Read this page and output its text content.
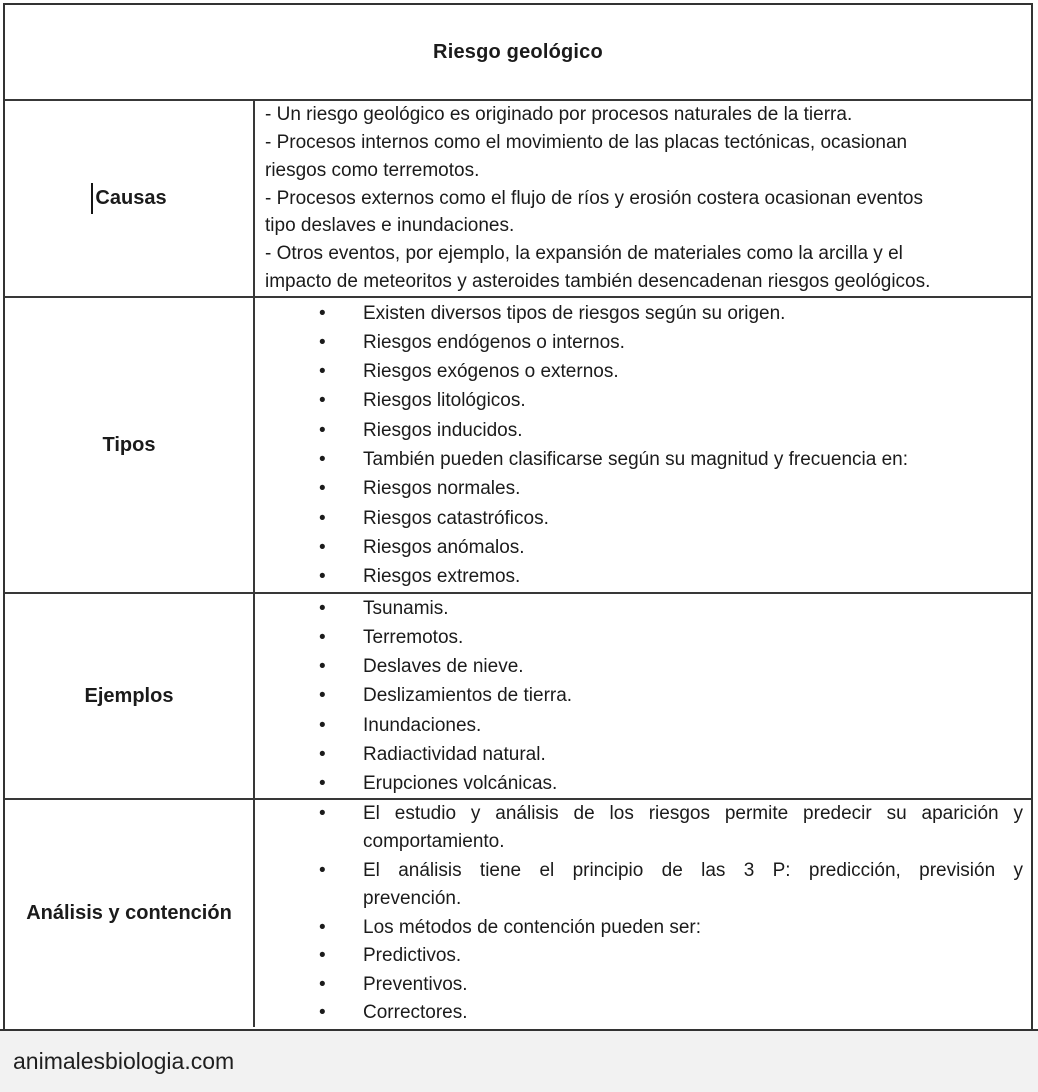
Riesgo geológico
Causas
- Un riesgo geológico es originado por procesos naturales de la tierra.
- Procesos internos como el movimiento de las placas tectónicas, ocasionan
riesgos como terremotos.
- Procesos externos como el flujo de ríos y erosión costera ocasionan eventos
tipo deslaves e inundaciones.
- Otros eventos, por ejemplo, la expansión de materiales como la arcilla y el
impacto de meteoritos y asteroides también desencadenan riesgos geológicos.
Tipos
• Existen diversos tipos de riesgos según su origen.
• Riesgos endógenos o internos.
• Riesgos exógenos o externos.
• Riesgos litológicos.
• Riesgos inducidos.
• También pueden clasificarse según su magnitud y frecuencia en:
• Riesgos normales.
• Riesgos catastróficos.
• Riesgos anómalos.
• Riesgos extremos.
Ejemplos
• Tsunamis.
• Terremotos.
• Deslaves de nieve.
• Deslizamientos de tierra.
• Inundaciones.
• Radiactividad natural.
• Erupciones volcánicas.
Análisis y contención
• El estudio y análisis de los riesgos permite predecir su aparición y
comportamiento.
• El análisis tiene el principio de las 3 P: predicción, previsión y
prevención.
• Los métodos de contención pueden ser:
• Predictivos.
• Preventivos.
• Correctores.
animalesbiologia.com
